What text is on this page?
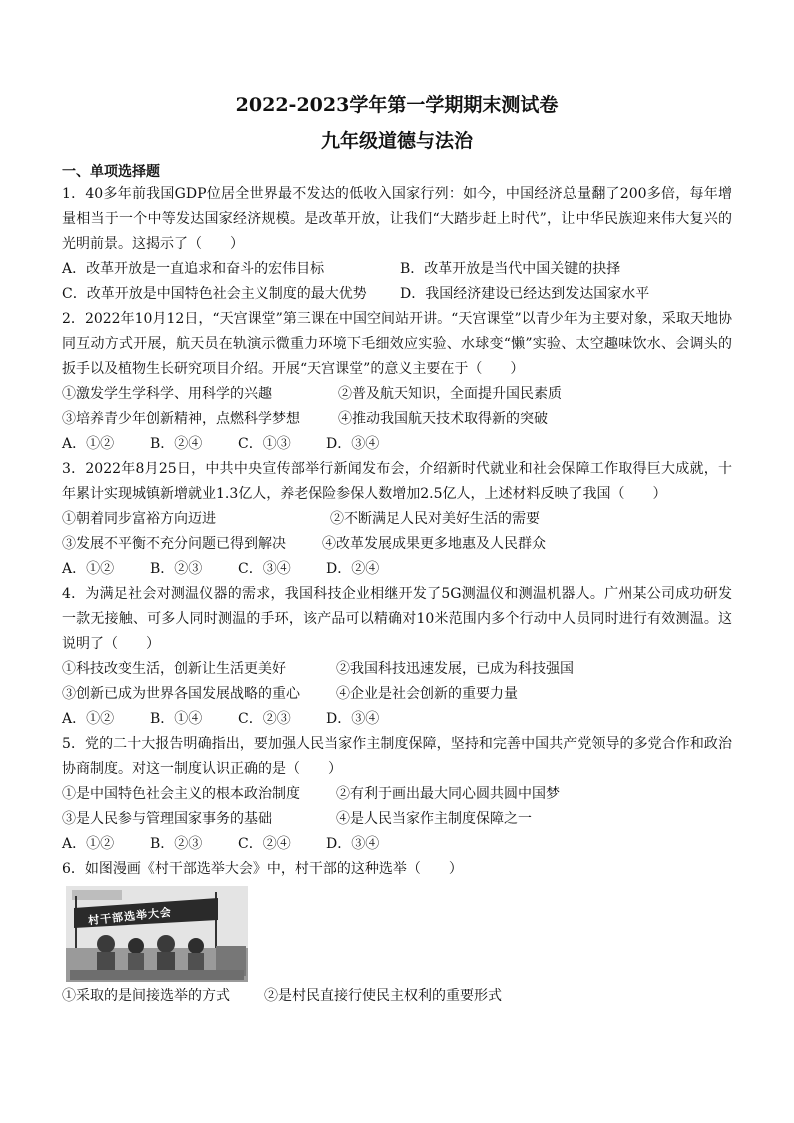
2022-2023学年第一学期期末测试卷
九年级道德与法治
一、单项选择题
1．40多年前我国GDP位居全世界最不发达的低收入国家行列：如今，中国经济总量翻了200多倍，每年增量相当于一个中等发达国家经济规模。是改革开放，让我们“大踏步赶上时代”，让中华民族迎来伟大复兴的光明前景。这揭示了（　　）
A．改革开放是一直追求和奋斗的宏伟目标	B．改革开放是当代中国关键的抉择
C．改革开放是中国特色社会主义制度的最大优势	D．我国经济建设已经达到发达国家水平
2．2022年10月12日，“天宫课堂”第三课在中国空间站开讲。“天宫课堂”以青少年为主要对象，采取天地协同互动方式开展，航天员在轨演示微重力环境下毛细效应实验、水球变“懒”实验、太空趣味饮水、会调头的扳手以及植物生长研究项目介绍。开展“天宫课堂”的意义主要在于（　　）
①激发学生学科学、用科学的兴趣	②普及航天知识，全面提升国民素质
③培养青少年创新精神，点燃科学梦想	④推动我国航天技术取得新的突破
A．①②	B．②④	C．①③	D．③④
3．2022年8月25日，中共中央宣传部举行新闻发布会，介绍新时代就业和社会保障工作取得巨大成就，十年累计实现城镇新增就业1.3亿人，养老保险参保人数增加2.5亿人，上述材料反映了我国（　　）
①朝着同步富裕方向迈进	②不断满足人民对美好生活的需要
③发展不平衡不充分问题已得到解决	④改革发展成果更多地惠及人民群众
A．①②	B．②③	C．③④	D．②④
4．为满足社会对测温仪器的需求，我国科技企业相继开发了5G测温仪和测温机器人。广州某公司成功研发一款无接触、可多人同时测温的手环，该产品可以精确对10米范围内多个行动中人员同时进行有效测温。这说明了（　　）
①科技改变生活，创新让生活更美好	②我国科技迅速发展，已成为科技强国
③创新已成为世界各国发展战略的重心	④企业是社会创新的重要力量
A．①②	B．①④	C．②③	D．③④
5．党的二十大报告明确指出，要加强人民当家作主制度保障，坚持和完善中国共产党领导的多党合作和政治协商制度。对这一制度认识正确的是（　　）
①是中国特色社会主义的根本政治制度	②有利于画出最大同心圆共圆中国梦
③是人民参与管理国家事务的基础	④是人民当家作主制度保障之一
A．①②	B．②③	C．②④	D．③④
6．如图漫画《村干部选举大会》中，村干部的这种选举（　　）
村干部选举大会
①采取的是间接选举的方式	②是村民直接行使民主权利的重要形式
